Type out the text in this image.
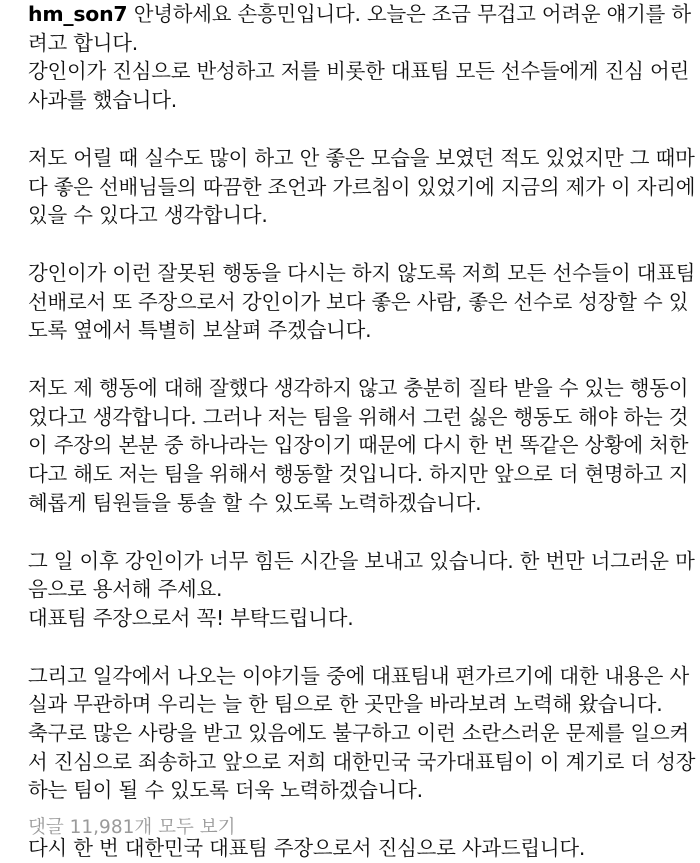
hm_son7 안녕하세요 손흥민입니다. 오늘은 조금 무겁고 어려운 얘기를 하
려고 합니다.
강인이가 진심으로 반성하고 저를 비롯한 대표팀 모든 선수들에게 진심 어린
사과를 했습니다.
저도 어릴 때 실수도 많이 하고 안 좋은 모습을 보였던 적도 있었지만 그 때마
다 좋은 선배님들의 따끔한 조언과 가르침이 있었기에 지금의 제가 이 자리에
있을 수 있다고 생각합니다.
강인이가 이런 잘못된 행동을 다시는 하지 않도록 저희 모든 선수들이 대표팀
선배로서 또 주장으로서 강인이가 보다 좋은 사람, 좋은 선수로 성장할 수 있
도록 옆에서 특별히 보살펴 주겠습니다.
저도 제 행동에 대해 잘했다 생각하지 않고 충분히 질타 받을 수 있는 행동이
었다고 생각합니다. 그러나 저는 팀을 위해서 그런 싫은 행동도 해야 하는 것
이 주장의 본분 중 하나라는 입장이기 때문에 다시 한 번 똑같은 상황에 처한
다고 해도 저는 팀을 위해서 행동할 것입니다. 하지만 앞으로 더 현명하고 지
혜롭게 팀원들을 통솔 할 수 있도록 노력하겠습니다.
그 일 이후 강인이가 너무 힘든 시간을 보내고 있습니다. 한 번만 너그러운 마
음으로 용서해 주세요.
대표팀 주장으로서 꼭! 부탁드립니다.
그리고 일각에서 나오는 이야기들 중에 대표팀내 편가르기에 대한 내용은 사
실과 무관하며 우리는 늘 한 팀으로 한 곳만을 바라보려 노력해 왔습니다.
축구로 많은 사랑을 받고 있음에도 불구하고 이런 소란스러운 문제를 일으켜
서 진심으로 죄송하고 앞으로 저희 대한민국 국가대표팀이 이 계기로 더 성장
하는 팀이 될 수 있도록 더욱 노력하겠습니다.
다시 한 번 대한민국 대표팀 주장으로서 진심으로 사과드립니다.
댓글 11,981개 모두 보기
